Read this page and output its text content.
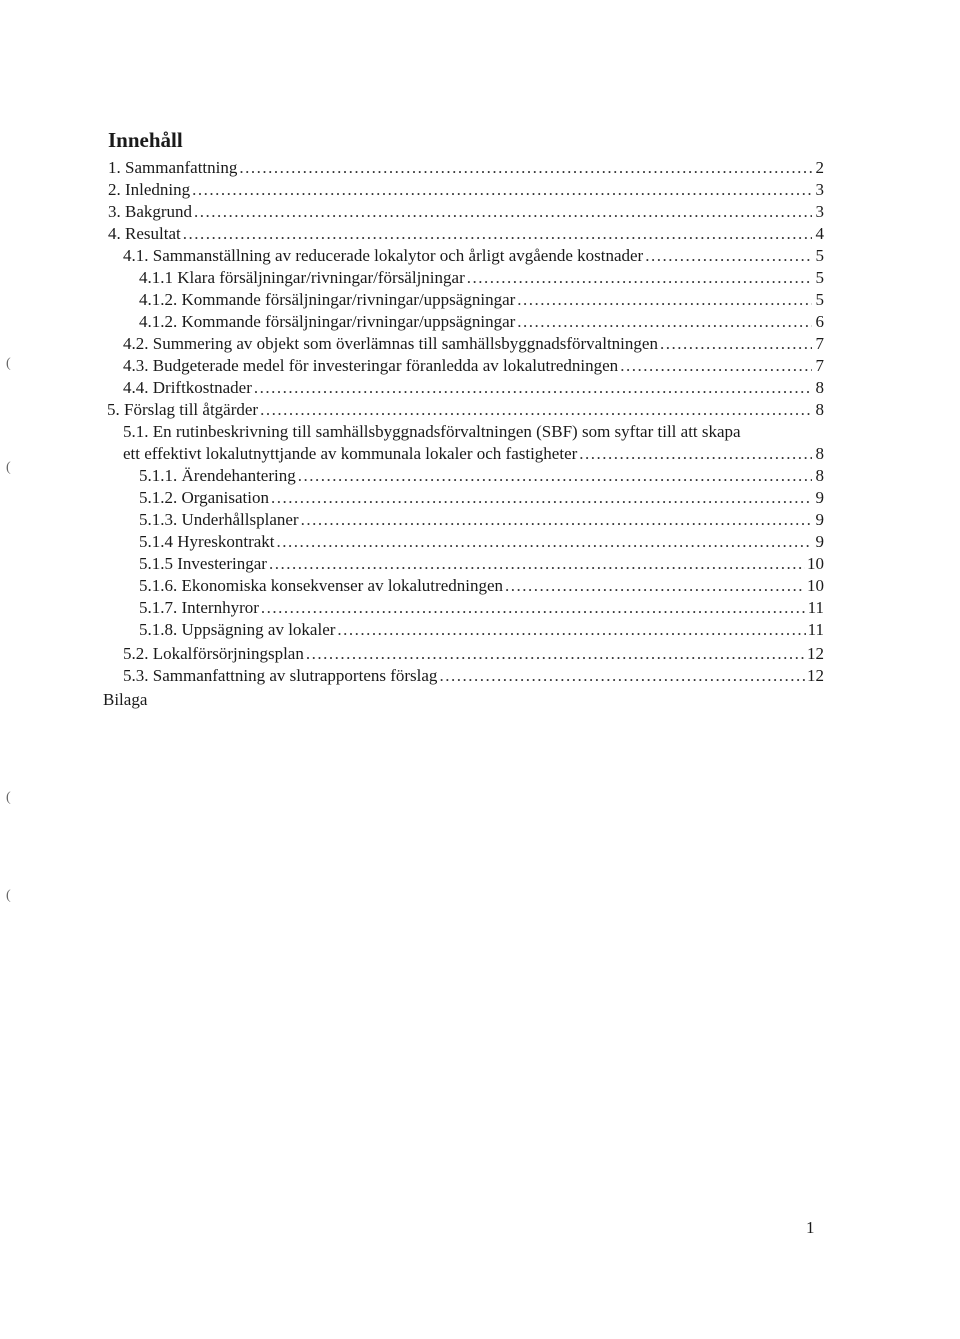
Innehåll
1. Sammanfattning .....	2
2. Inledning .....	3
3. Bakgrund .....	3
4. Resultat .....	4
4.1. Sammanställning av reducerade lokalytor och årligt avgående kostnader .....	5
4.1.1 Klara försäljningar/rivningar/försäljningar .....	5
4.1.2. Kommande försäljningar/rivningar/uppsägningar .....	5
4.1.2. Kommande försäljningar/rivningar/uppsägningar .....	6
4.2. Summering av objekt som överlämnas till samhällsbyggnadsförvaltningen .....	7
4.3. Budgeterade medel för investeringar föranledda av lokalutredningen .....	7
4.4. Driftkostnader .....	8
5. Förslag till åtgärder .....	8
5.1. En rutinbeskrivning till samhällsbyggnadsförvaltningen (SBF) som syftar till att skapa
ett effektivt lokalutnyttjande av kommunala lokaler och fastigheter .....	8
5.1.1. Ärendehantering .....	8
5.1.2. Organisation .....	9
5.1.3. Underhållsplaner .....	9
5.1.4 Hyreskontrakt .....	9
5.1.5 Investeringar .....	10
5.1.6. Ekonomiska konsekvenser av lokalutredningen .....	10
5.1.7. Internhyror .....	11
5.1.8. Uppsägning av lokaler .....	11
5.2. Lokalförsörjningsplan .....	12
5.3. Sammanfattning av slutrapportens förslag .....	12
Bilaga
(
(
(
(
1
